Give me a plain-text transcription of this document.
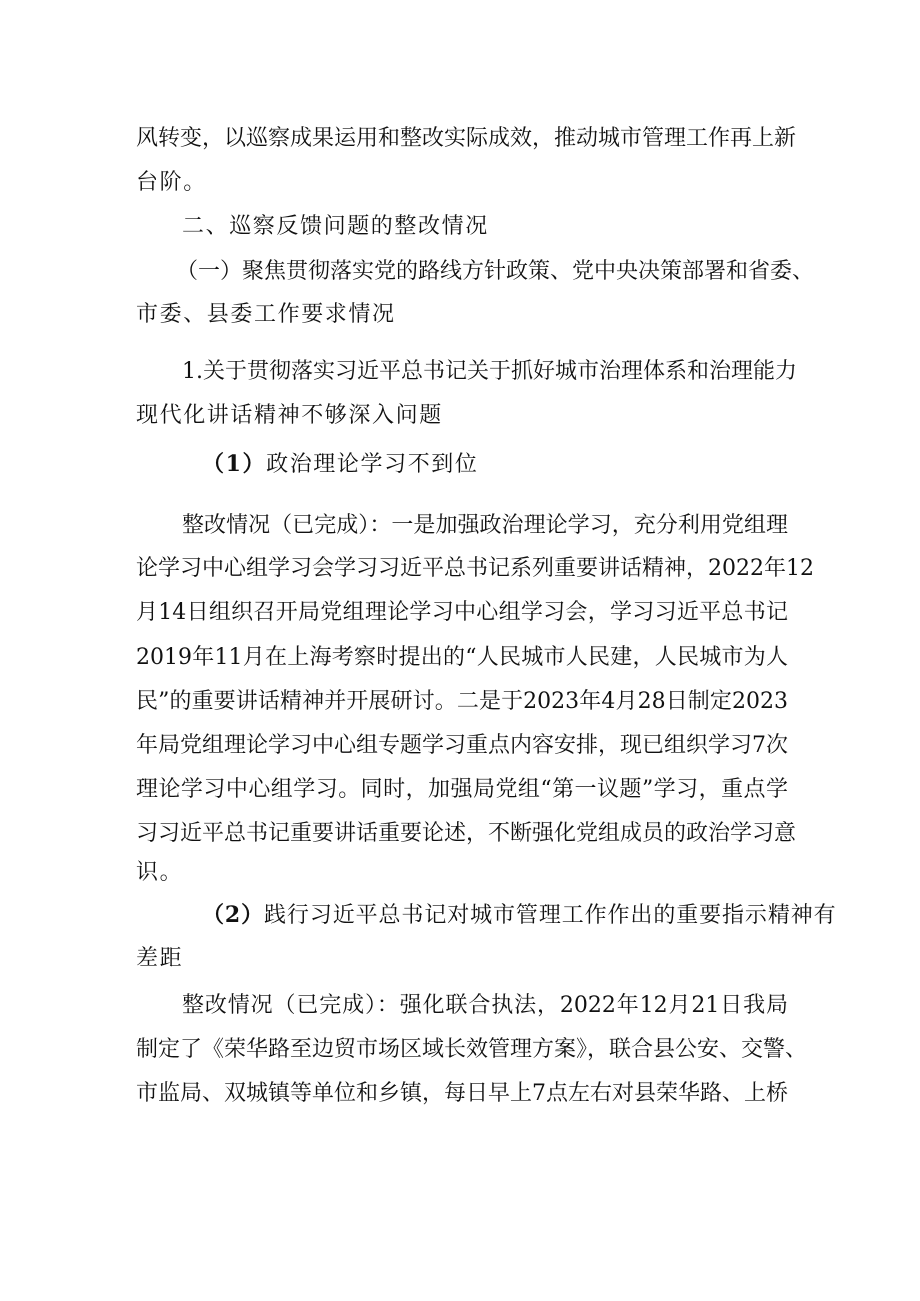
风转变，以巡察成果运用和整改实际成效，推动城市管理工作再上新

台阶。

二、巡察反馈问题的整改情况

（一）聚焦贯彻落实党的路线方针政策、党中央决策部署和省委、

市委、县委工作要求情况

1.关于贯彻落实习近平总书记关于抓好城市治理体系和治理能力

现代化讲话精神不够深入问题

（1）政治理论学习不到位

整改情况（已完成）：一是加强政治理论学习，充分利用党组理

论学习中心组学习会学习习近平总书记系列重要讲话精神，2022年12

月14日组织召开局党组理论学习中心组学习会，学习习近平总书记

2019年11月在上海考察时提出的“人民城市人民建，人民城市为人

民”的重要讲话精神并开展研讨。二是于2023年4月28日制定2023

年局党组理论学习中心组专题学习重点内容安排，现已组织学习7次

理论学习中心组学习。同时，加强局党组“第一议题”学习，重点学

习习近平总书记重要讲话重要论述，不断强化党组成员的政治学习意

识。

（2）践行习近平总书记对城市管理工作作出的重要指示精神有

差距

整改情况（已完成）：强化联合执法，2022年12月21日我局

制定了《荣华路至边贸市场区域长效管理方案》，联合县公安、交警、

市监局、双城镇等单位和乡镇，每日早上7点左右对县荣华路、上桥
